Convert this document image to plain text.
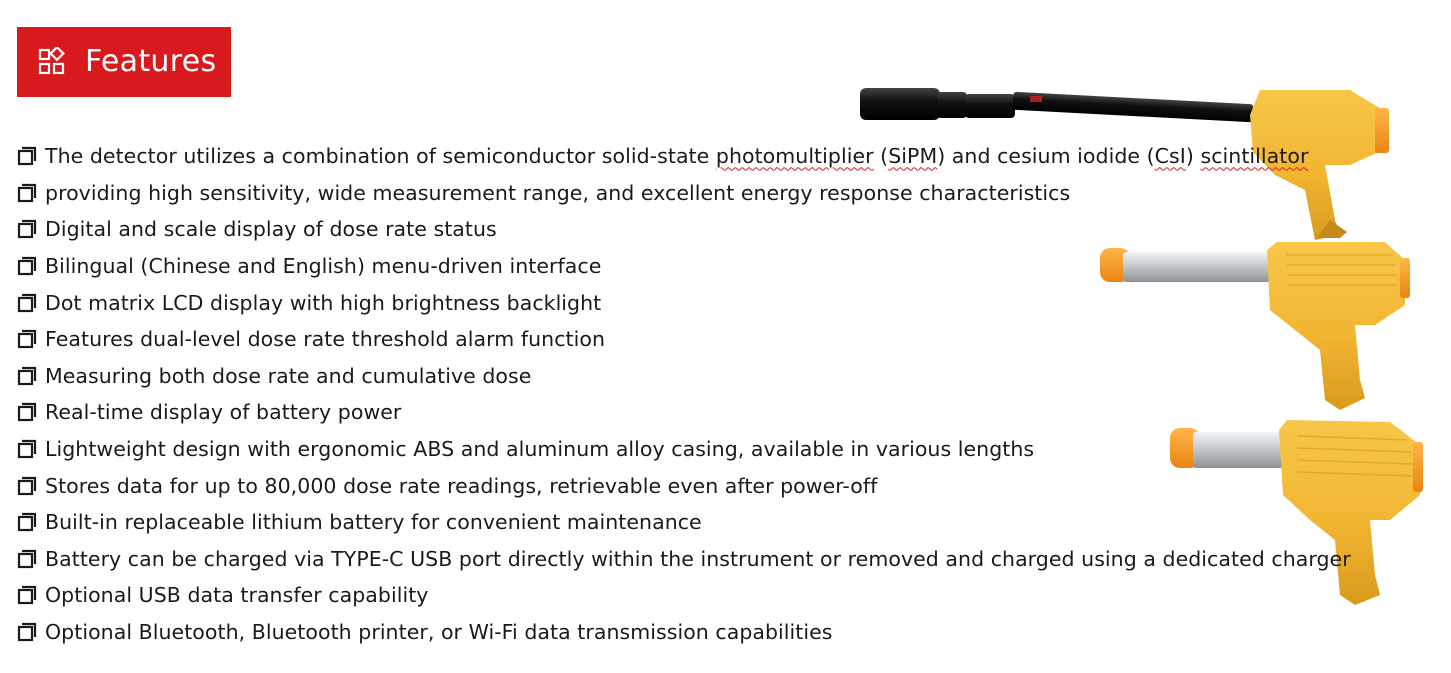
Features
The detector utilizes a combination of semiconductor solid-state photomultiplier (SiPM) and cesium iodide (CsI) scintillator
providing high sensitivity, wide measurement range, and excellent energy response characteristics
Digital and scale display of dose rate status
Bilingual (Chinese and English) menu-driven interface
Dot matrix LCD display with high brightness backlight
Features dual-level dose rate threshold alarm function
Measuring both dose rate and cumulative dose
Real-time display of battery power
Lightweight design with ergonomic ABS and aluminum alloy casing, available in various lengths
Stores data for up to 80,000 dose rate readings, retrievable even after power-off
Built-in replaceable lithium battery for convenient maintenance
Battery can be charged via TYPE-C USB port directly within the instrument or removed and charged using a dedicated charger
Optional USB data transfer capability
Optional Bluetooth, Bluetooth printer, or Wi-Fi data transmission capabilities
